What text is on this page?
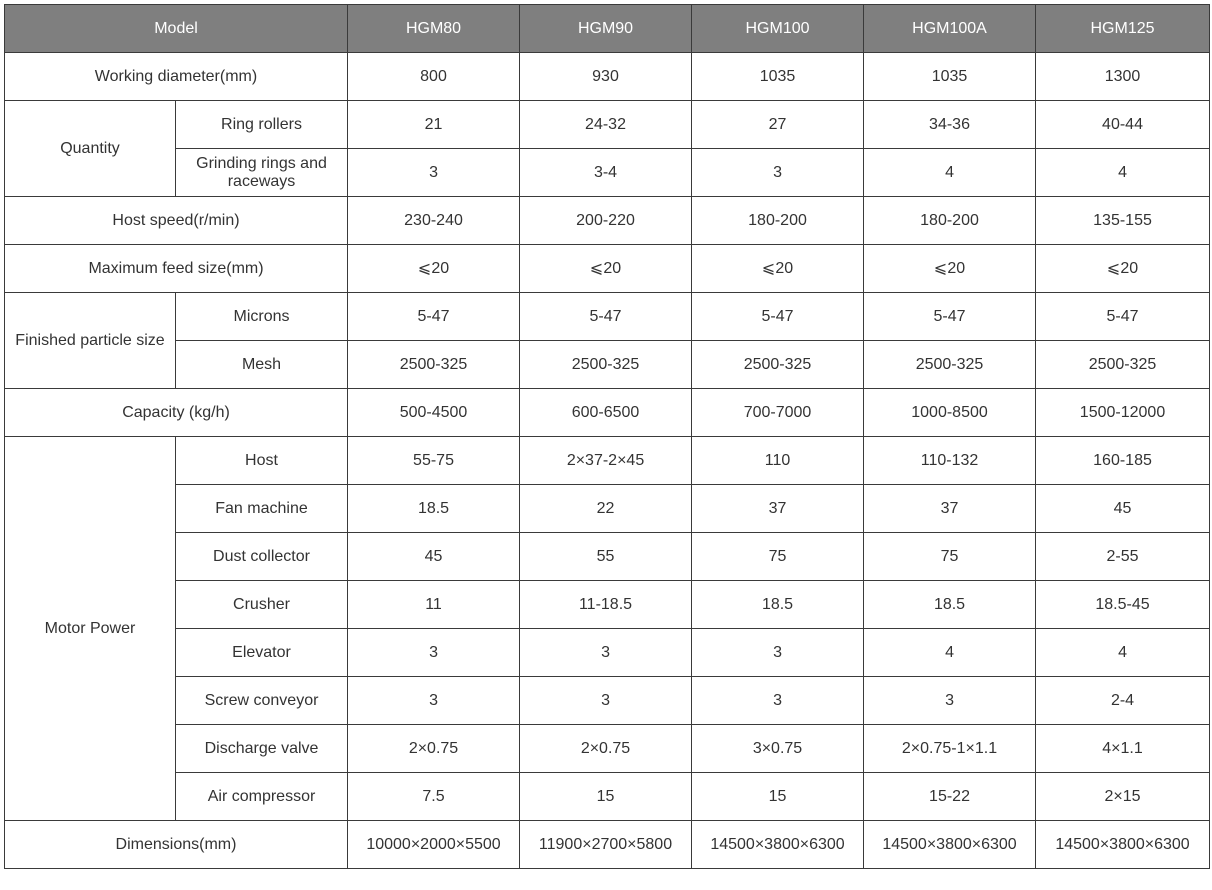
Model		HGM80	HGM90	HGM100	HGM100A	HGM125
Working diameter(mm)		800	930	1035	1035	1300
Quantity	Ring rollers	21	24-32	27	34-36	40-44
	Grinding rings and raceways	3	3-4	3	4	4
Host speed(r/min)		230-240	200-220	180-200	180-200	135-155
Maximum feed size(mm)		⩽20	⩽20	⩽20	⩽20	⩽20
Finished particle size	Microns	5-47	5-47	5-47	5-47	5-47
	Mesh	2500-325	2500-325	2500-325	2500-325	2500-325
Capacity (kg/h)		500-4500	600-6500	700-7000	1000-8500	1500-12000
Motor Power	Host	55-75	2×37-2×45	110	110-132	160-185
	Fan machine	18.5	22	37	37	45
	Dust collector	45	55	75	75	2-55
	Crusher	11	11-18.5	18.5	18.5	18.5-45
	Elevator	3	3	3	4	4
	Screw conveyor	3	3	3	3	2-4
	Discharge valve	2×0.75	2×0.75	3×0.75	2×0.75-1×1.1	4×1.1
	Air compressor	7.5	15	15	15-22	2×15
Dimensions(mm)		10000×2000×5500	11900×2700×5800	14500×3800×6300	14500×3800×6300	14500×3800×6300
